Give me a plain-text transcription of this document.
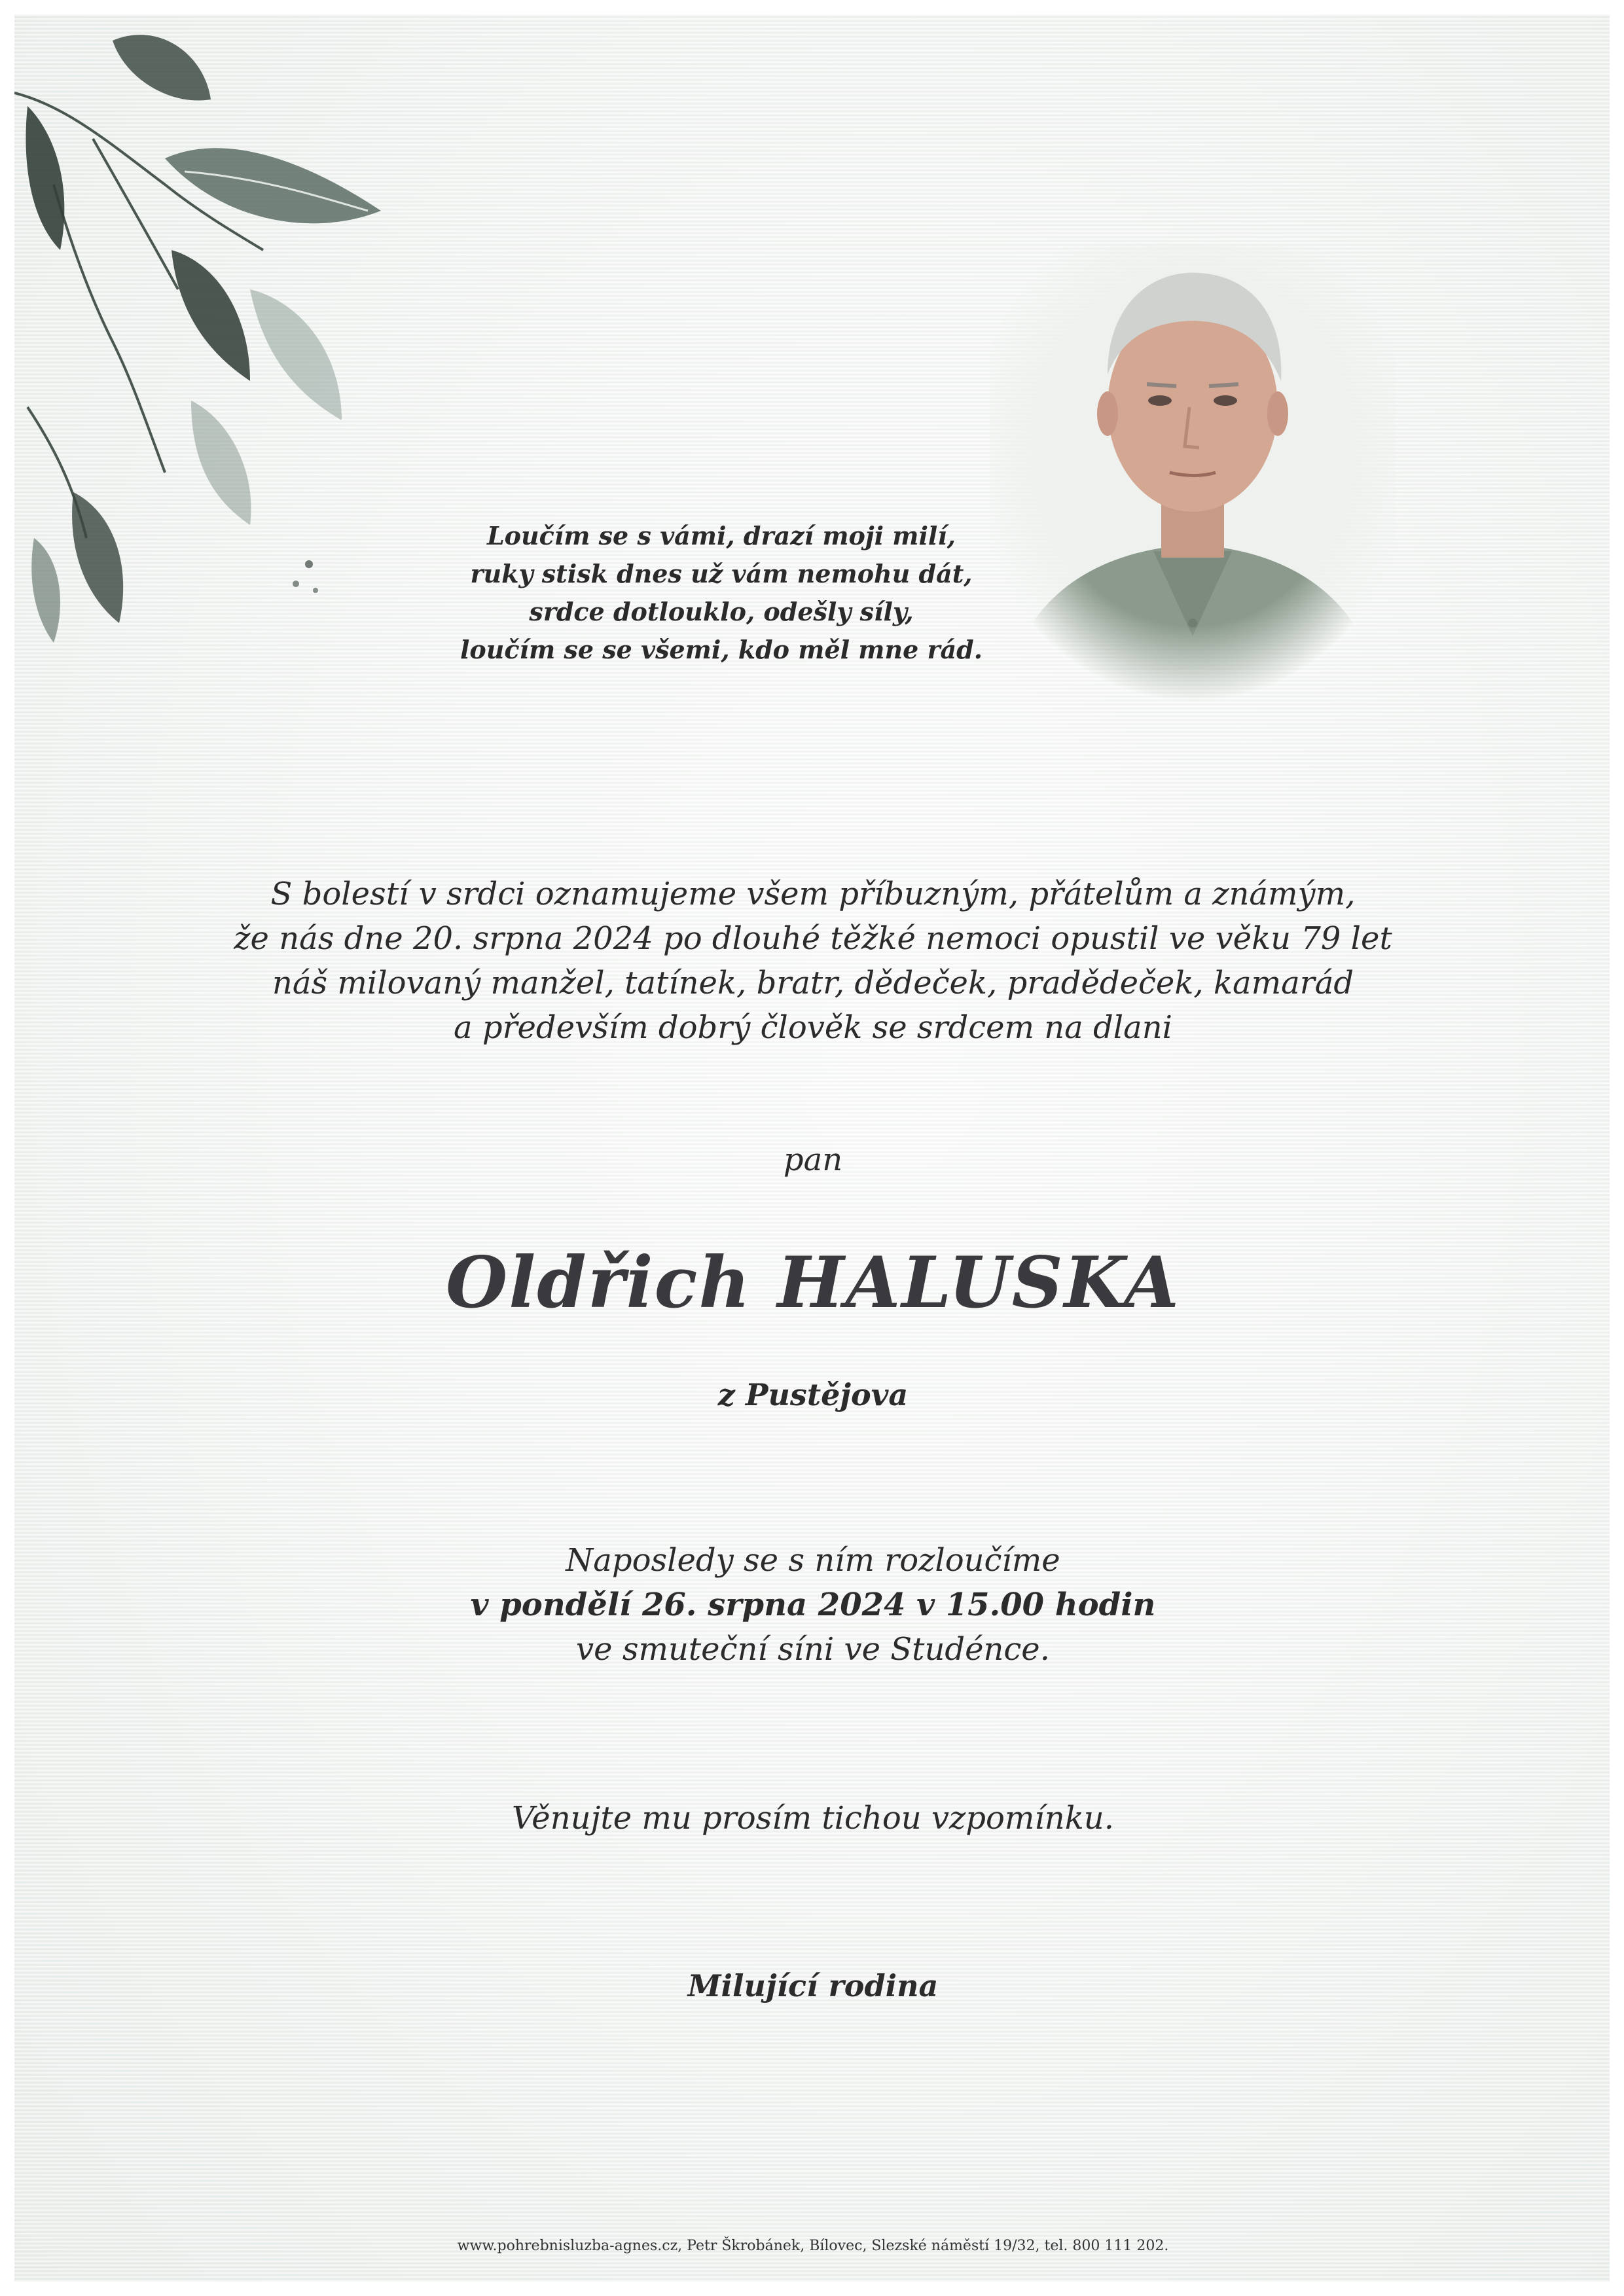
Loučím se s vámi, drazí moji milí,
ruky stisk dnes už vám nemohu dát,
srdce dotlouklo, odešly síly,
loučím se se všemi, kdo měl mne rád.
S bolestí v srdci oznamujeme všem příbuzným, přátelům a známým,
že nás dne 20. srpna 2024 po dlouhé těžké nemoci opustil ve věku 79 let
náš milovaný manžel, tatínek, bratr, dědeček, pradědeček, kamarád
a především dobrý člověk se srdcem na dlani
pan
Oldřich HALUSKA
z Pustějova
Naposledy se s ním rozloučíme
v pondělí 26. srpna 2024 v 15.00 hodin
ve smuteční síni ve Studénce.
Věnujte mu prosím tichou vzpomínku.
Milující rodina
www.pohrebnisluzba-agnes.cz, Petr Škrobánek, Bílovec, Slezské náměstí 19/32, tel. 800 111 202.
